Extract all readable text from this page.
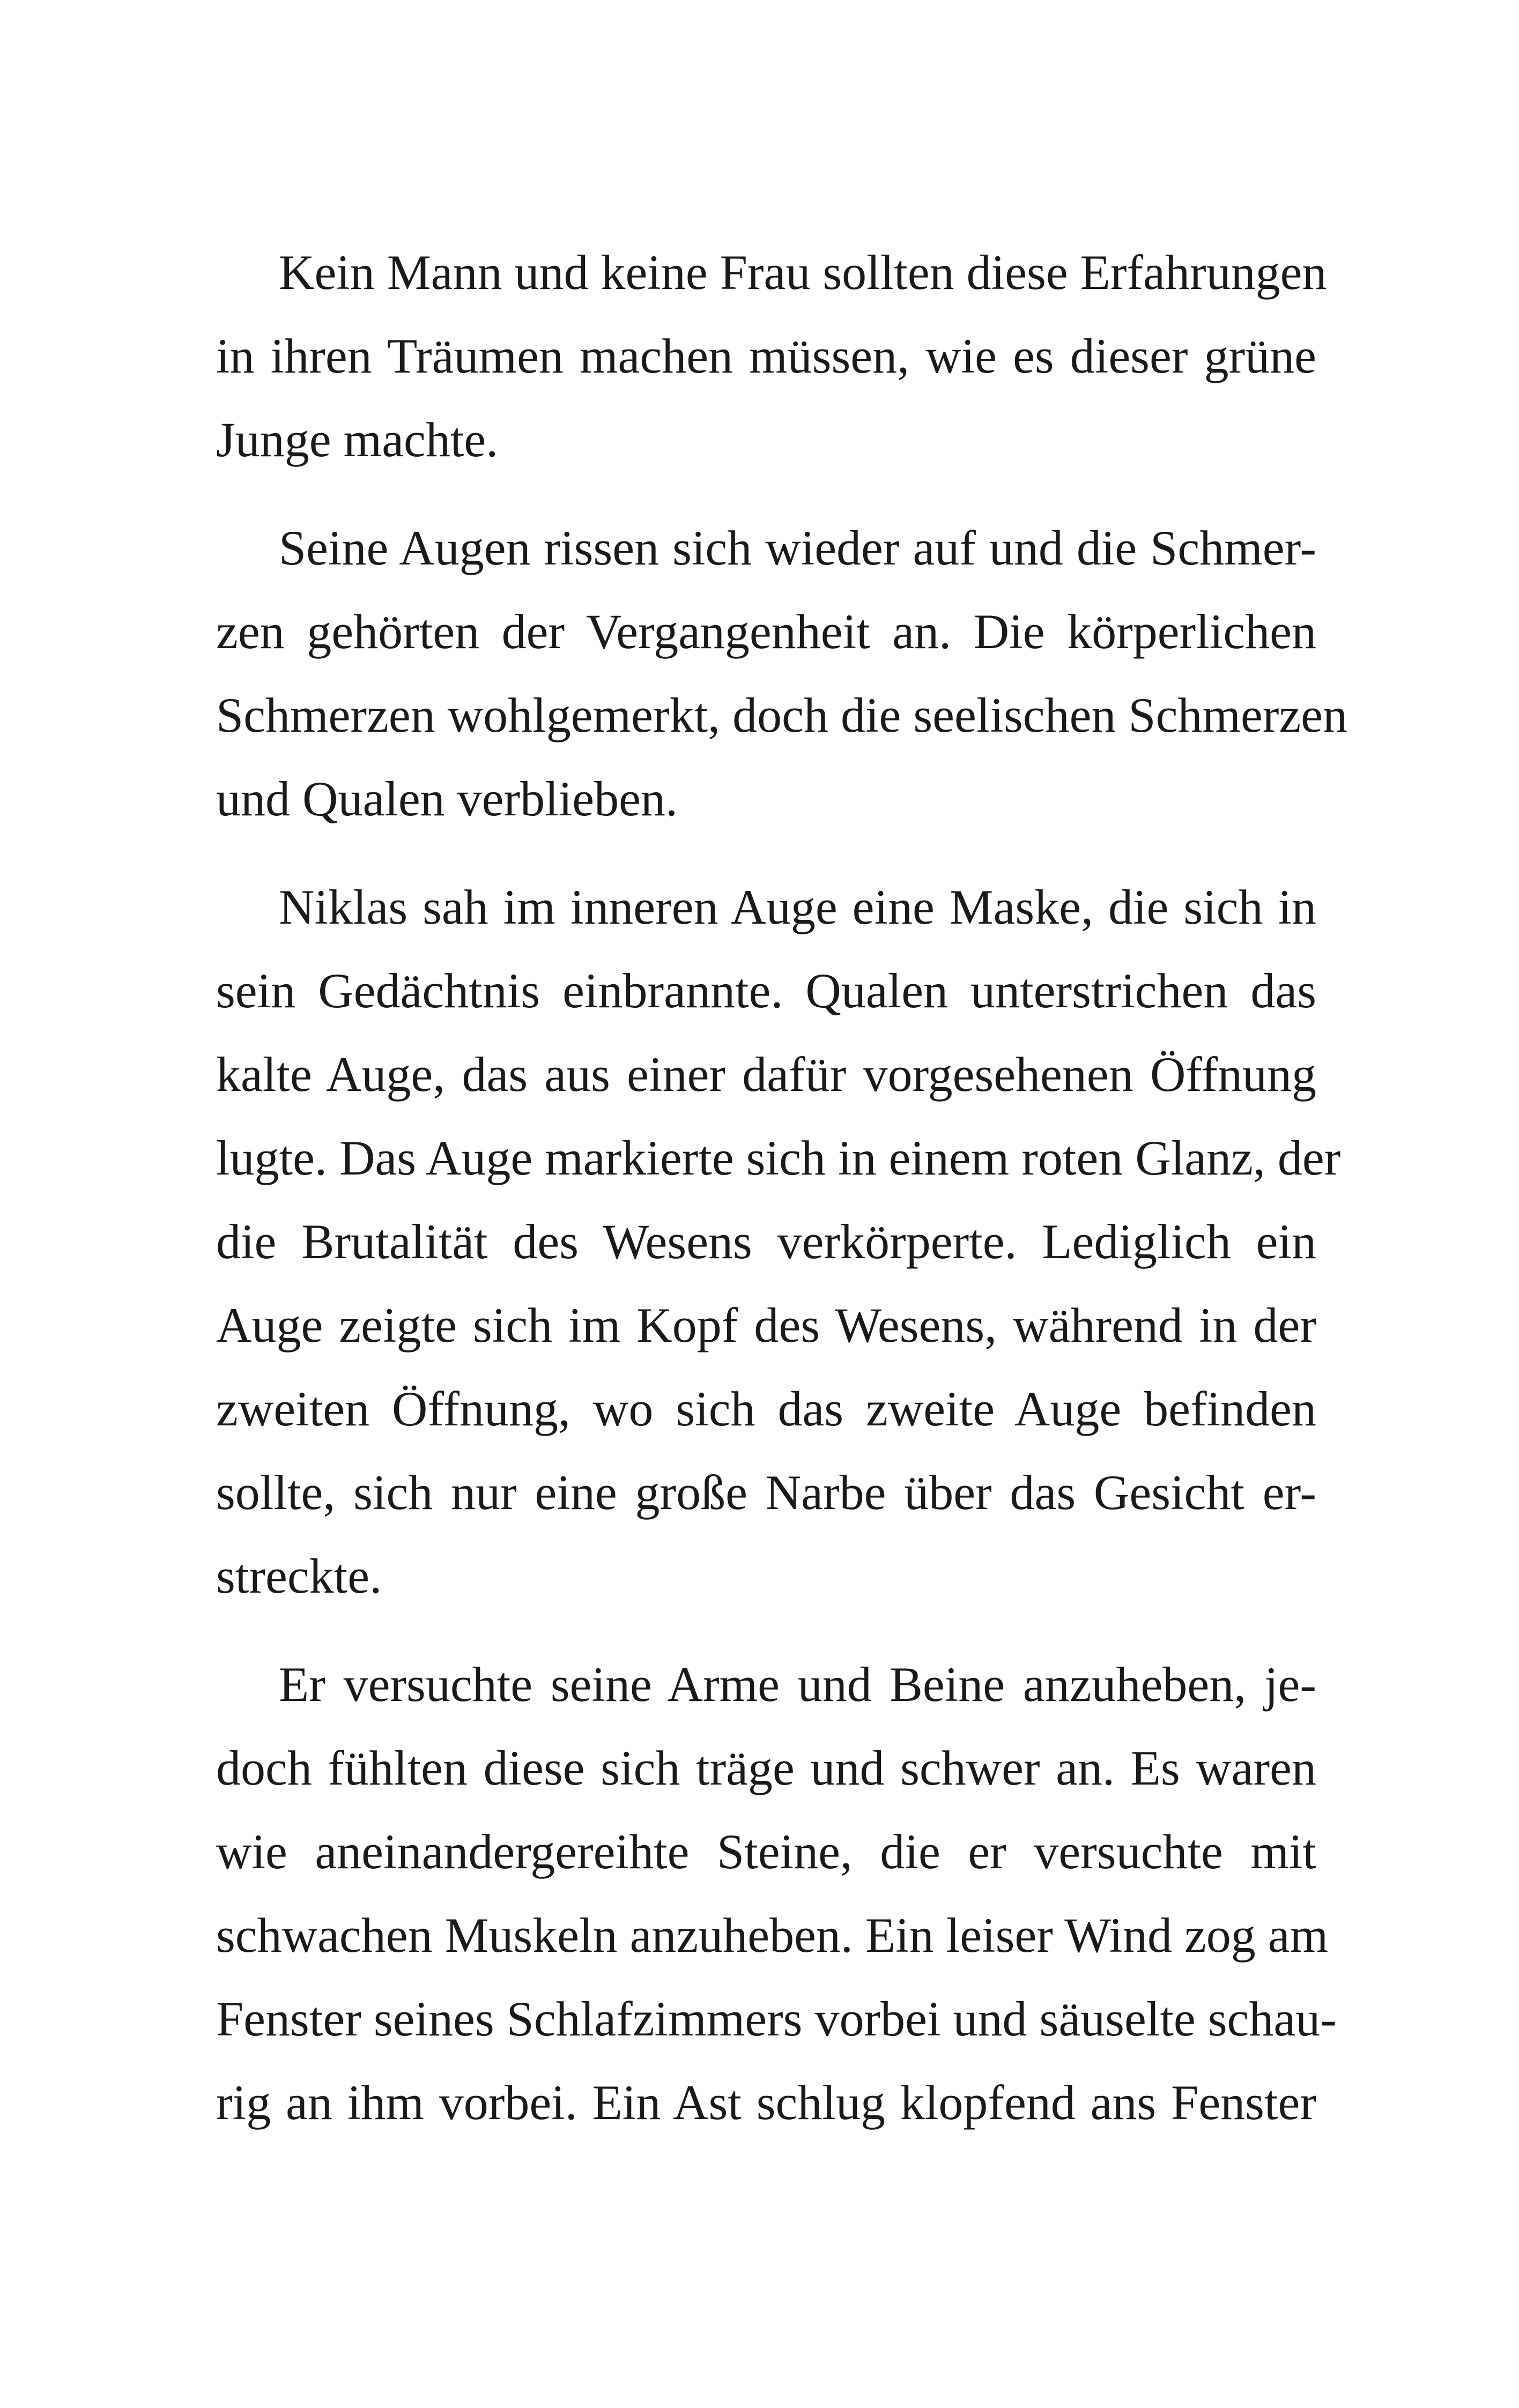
Kein Mann und keine Frau sollten diese Erfahrungen
in ihren Träumen machen müssen, wie es dieser grüne
Junge machte.
Seine Augen rissen sich wieder auf und die Schmer-
zen gehörten der Vergangenheit an. Die körperlichen
Schmerzen wohlgemerkt, doch die seelischen Schmerzen
und Qualen verblieben.
Niklas sah im inneren Auge eine Maske, die sich in
sein Gedächtnis einbrannte. Qualen unterstrichen das
kalte Auge, das aus einer dafür vorgesehenen Öffnung
lugte. Das Auge markierte sich in einem roten Glanz, der
die Brutalität des Wesens verkörperte. Lediglich ein
Auge zeigte sich im Kopf des Wesens, während in der
zweiten Öffnung, wo sich das zweite Auge befinden
sollte, sich nur eine große Narbe über das Gesicht er-
streckte.
Er versuchte seine Arme und Beine anzuheben, je-
doch fühlten diese sich träge und schwer an. Es waren
wie aneinandergereihte Steine, die er versuchte mit
schwachen Muskeln anzuheben. Ein leiser Wind zog am
Fenster seines Schlafzimmers vorbei und säuselte schau-
rig an ihm vorbei. Ein Ast schlug klopfend ans Fenster
